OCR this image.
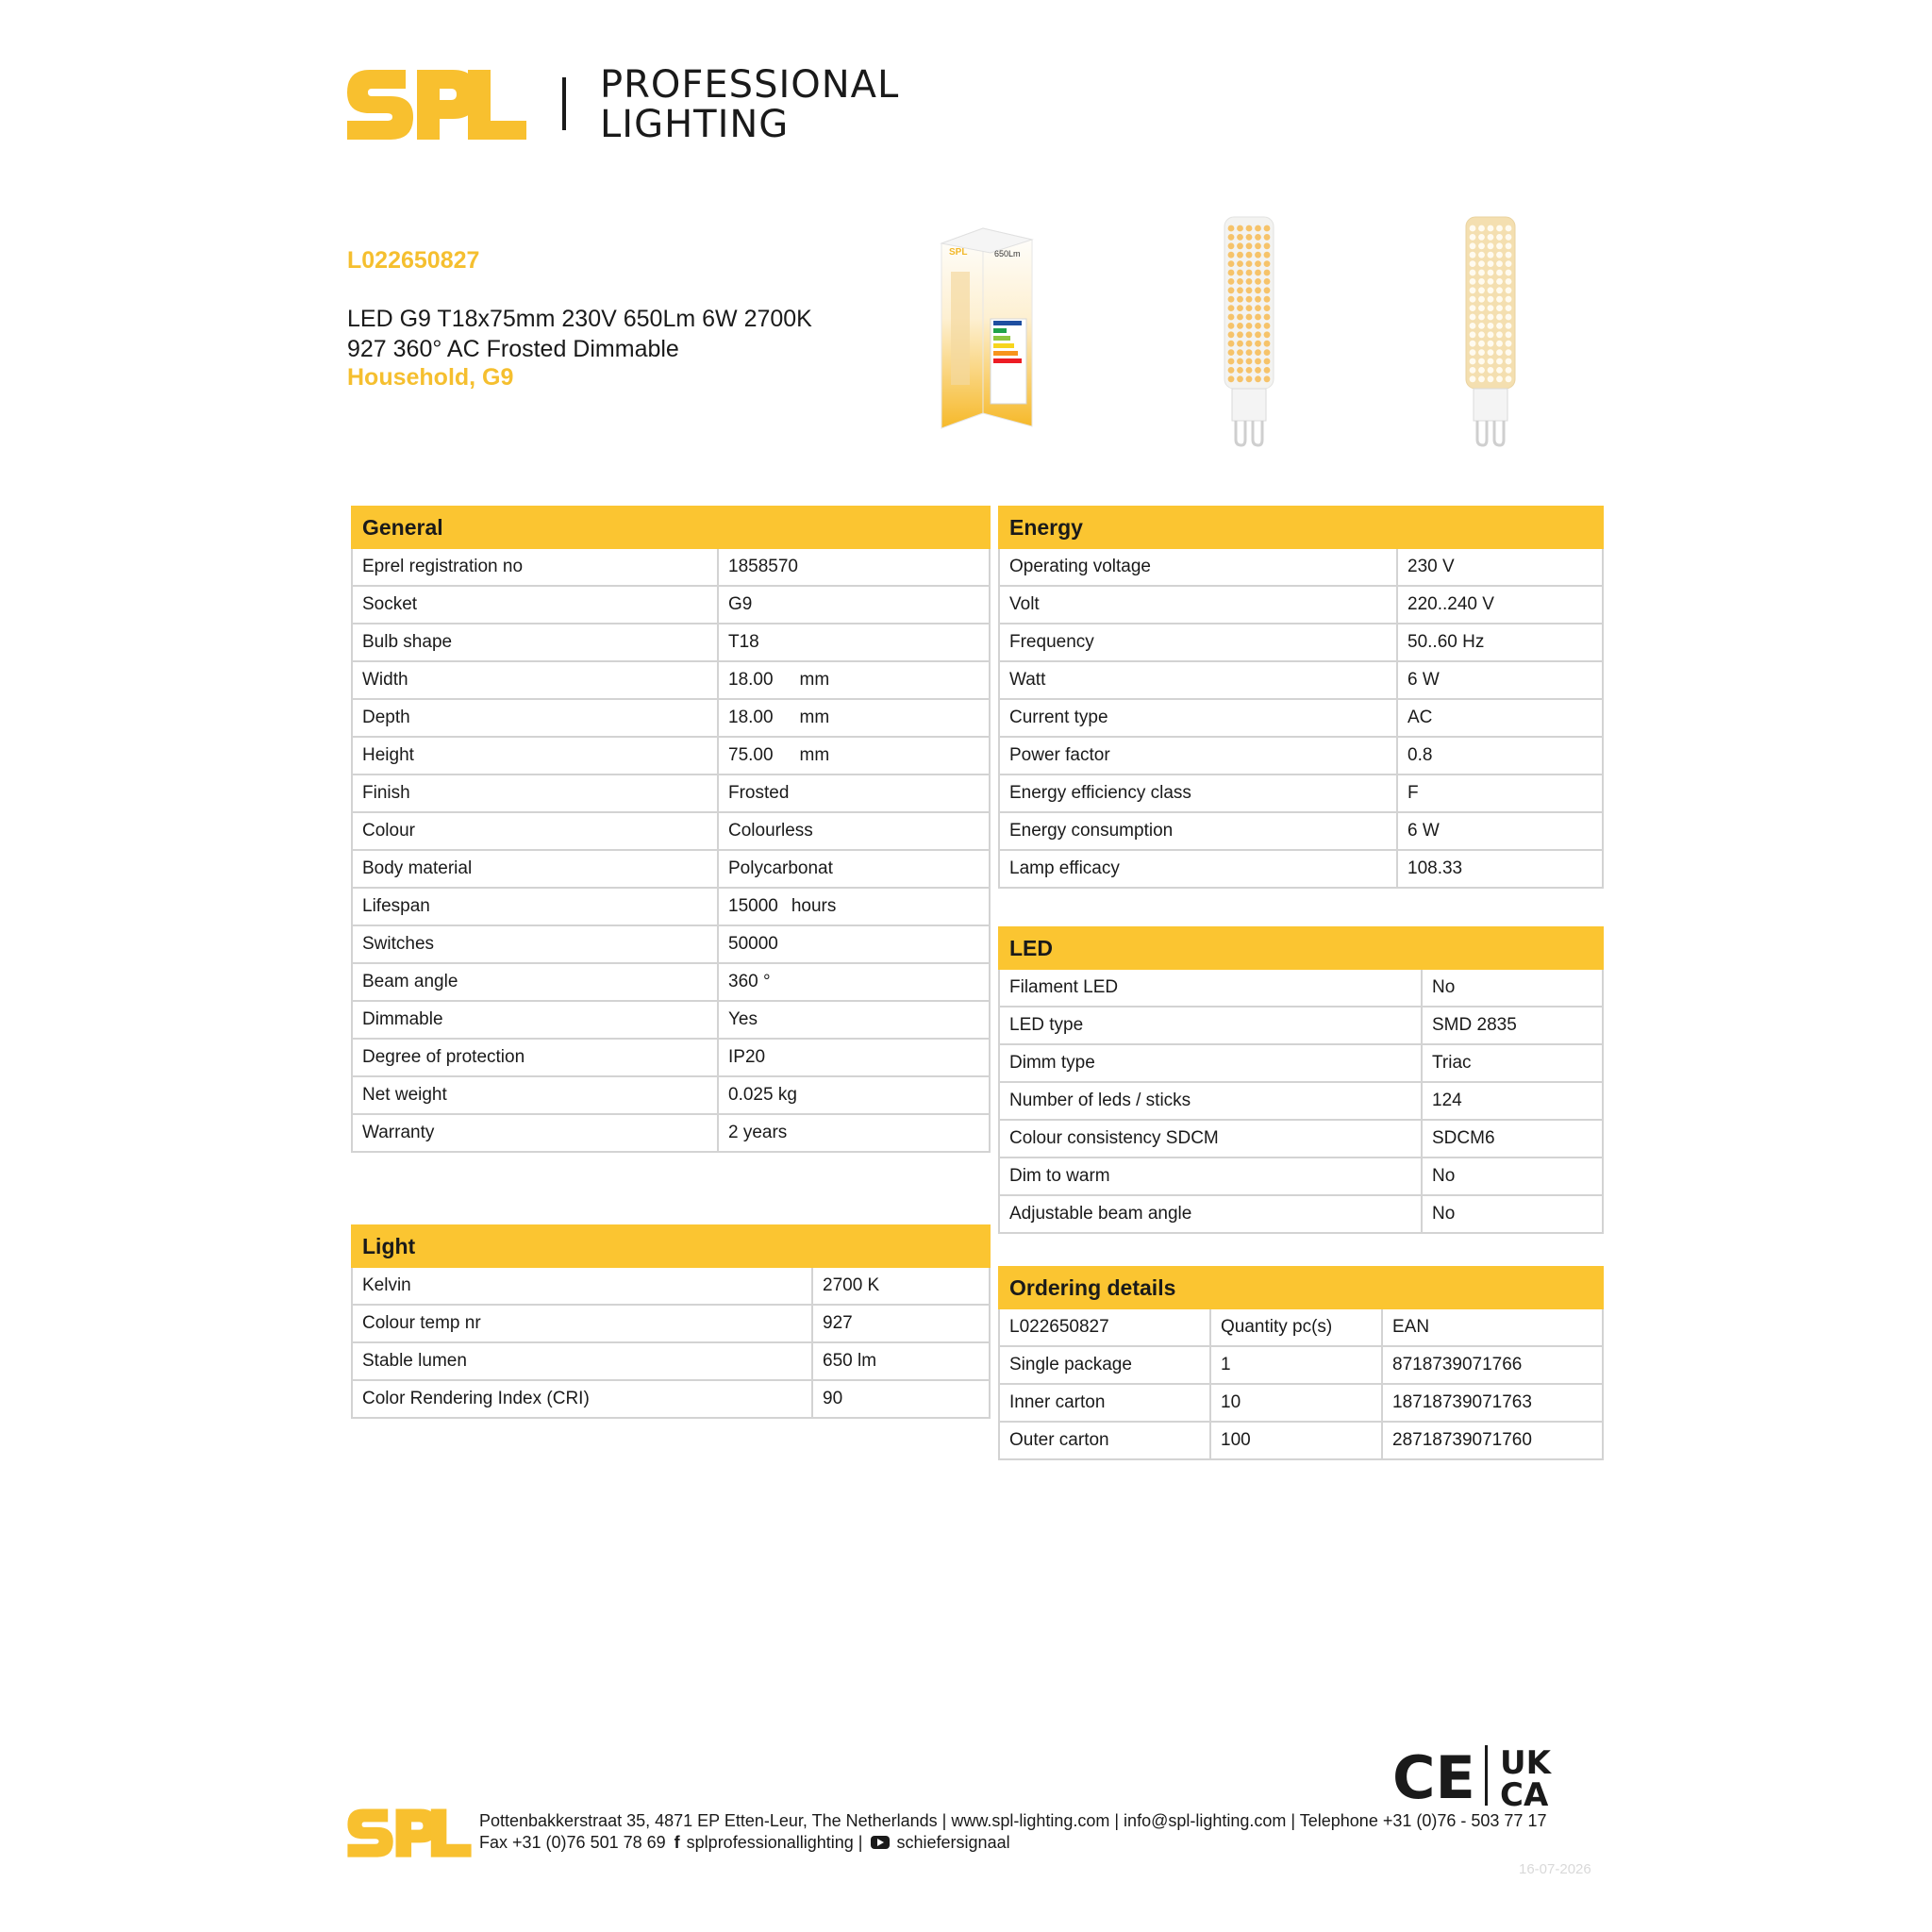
PROFESSIONAL
LIGHTING
L022650827
LED G9 T18x75mm 230V 650Lm 6W 2700K
927 360° AC Frosted Dimmable
Household, G9
SPL	650Lm
General	
Eprel registration no	1858570
Socket	G9
Bulb shape	T18
Width	18.00 mm
Depth	18.00 mm
Height	75.00 mm
Finish	Frosted
Colour	Colourless
Body material	Polycarbonat
Lifespan	15000 hours
Switches	50000
Beam angle	360 °
Dimmable	Yes
Degree of protection	IP20
Net weight	0.025 kg
Warranty	2 years
Light	
Kelvin	2700 K
Colour temp nr	927
Stable lumen	650 lm
Color Rendering Index (CRI)	90
Energy	
Operating voltage	230 V
Volt	220..240 V
Frequency	50..60 Hz
Watt	6 W
Current type	AC
Power factor	0.8
Energy efficiency class	F
Energy consumption	6 W
Lamp efficacy	108.33
LED	
Filament LED	No
LED type	SMD 2835
Dimm type	Triac
Number of leds / sticks	124
Colour consistency SDCM	SDCM6
Dim to warm	No
Adjustable beam angle	No
Ordering details		
L022650827	Quantity pc(s)	EAN
Single package	1	8718739071766
Inner carton	10	18718739071763
Outer carton	100	28718739071760
CE UK
CA
Pottenbakkerstraat 35, 4871 EP Etten-Leur, The Netherlands | www.spl-lighting.com | info@spl-lighting.com | Telephone +31 (0)76 - 503 77 17
Fax +31 (0)76 501 78 69 f splprofessionallighting | schiefersignaal
16-07-2026
